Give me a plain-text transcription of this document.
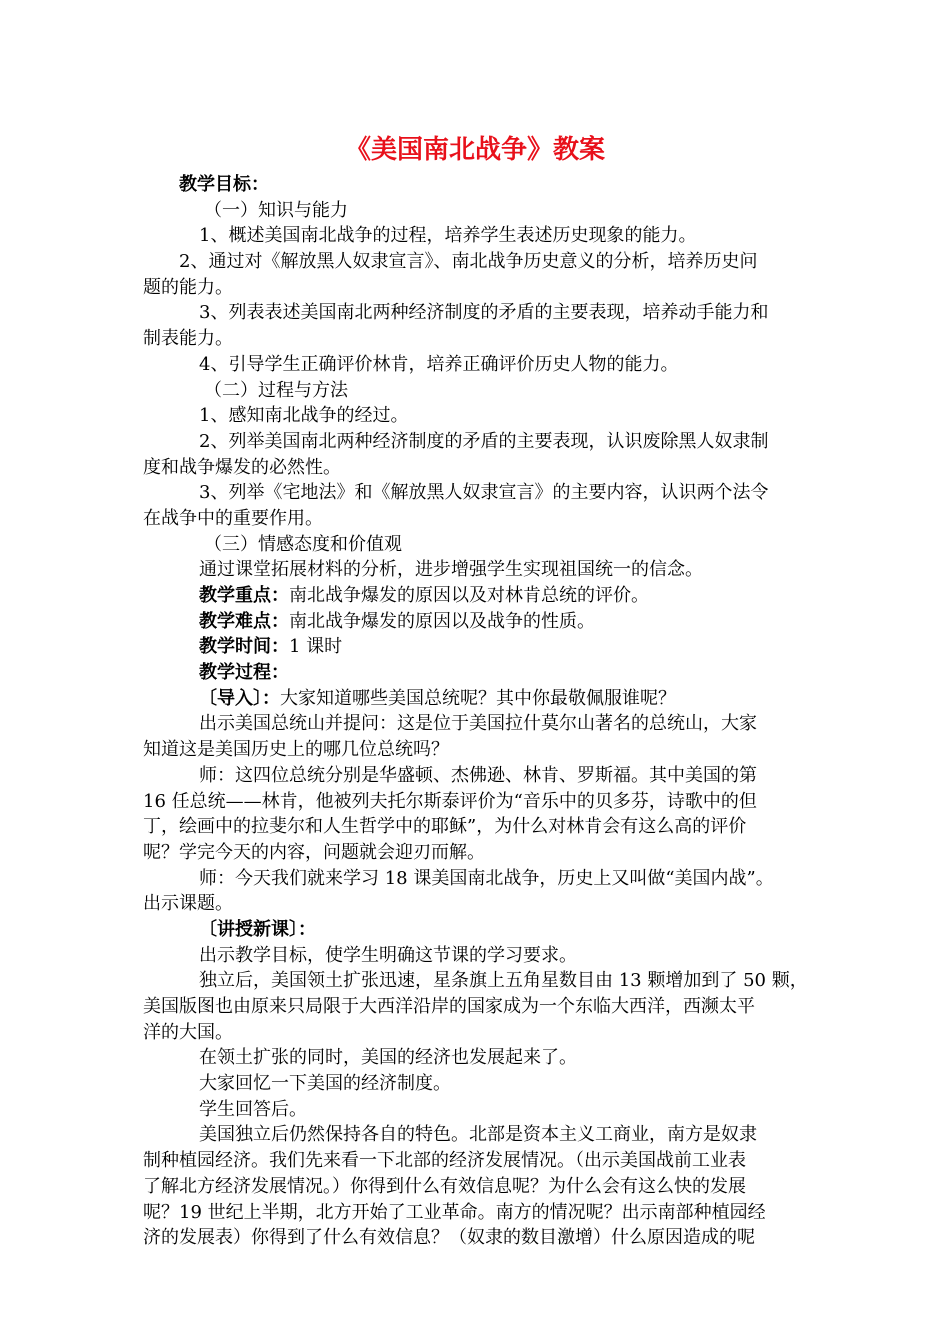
《美国南北战争》教案
教学目标：
（一）知识与能力
1、概述美国南北战争的过程，培养学生表述历史现象的能力。
2、通过对《解放黑人奴隶宣言》、南北战争历史意义的分析，培养历史问
题的能力。
3、列表表述美国南北两种经济制度的矛盾的主要表现，培养动手能力和
制表能力。
4、引导学生正确评价林肯，培养正确评价历史人物的能力。
（二）过程与方法
1、感知南北战争的经过。
2、列举美国南北两种经济制度的矛盾的主要表现，认识废除黑人奴隶制
度和战争爆发的必然性。
3、列举《宅地法》和《解放黑人奴隶宣言》的主要内容，认识两个法令
在战争中的重要作用。
（三）情感态度和价值观
通过课堂拓展材料的分析，进步增强学生实现祖国统一的信念。
教学重点：南北战争爆发的原因以及对林肯总统的评价。
教学难点：南北战争爆发的原因以及战争的性质。
教学时间：1 课时
教学过程：
〔导入〕：大家知道哪些美国总统呢？其中你最敬佩服谁呢？
出示美国总统山并提问：这是位于美国拉什莫尔山著名的总统山，大家
知道这是美国历史上的哪几位总统吗？
师：这四位总统分别是华盛顿、杰佛逊、林肯、罗斯福。其中美国的第
16 任总统——林肯，他被列夫托尔斯泰评价为“音乐中的贝多芬，诗歌中的但
丁，绘画中的拉斐尔和人生哲学中的耶稣”，为什么对林肯会有这么高的评价
呢？学完今天的内容，问题就会迎刃而解。
师：今天我们就来学习 18 课美国南北战争，历史上又叫做“美国内战”。
出示课题。
〔讲授新课〕：
出示教学目标，使学生明确这节课的学习要求。
独立后，美国领土扩张迅速，星条旗上五角星数目由 13 颗增加到了 50 颗，
美国版图也由原来只局限于大西洋沿岸的国家成为一个东临大西洋，西濒太平
洋的大国。
在领土扩张的同时，美国的经济也发展起来了。
大家回忆一下美国的经济制度。
学生回答后。
美国独立后仍然保持各自的特色。北部是资本主义工商业，南方是奴隶
制种植园经济。我们先来看一下北部的经济发展情况。（出示美国战前工业表
了解北方经济发展情况。）你得到什么有效信息呢？为什么会有这么快的发展
呢？19 世纪上半期，北方开始了工业革命。南方的情况呢？出示南部种植园经
济的发展表）你得到了什么有效信息？（奴隶的数目激增）什么原因造成的呢
